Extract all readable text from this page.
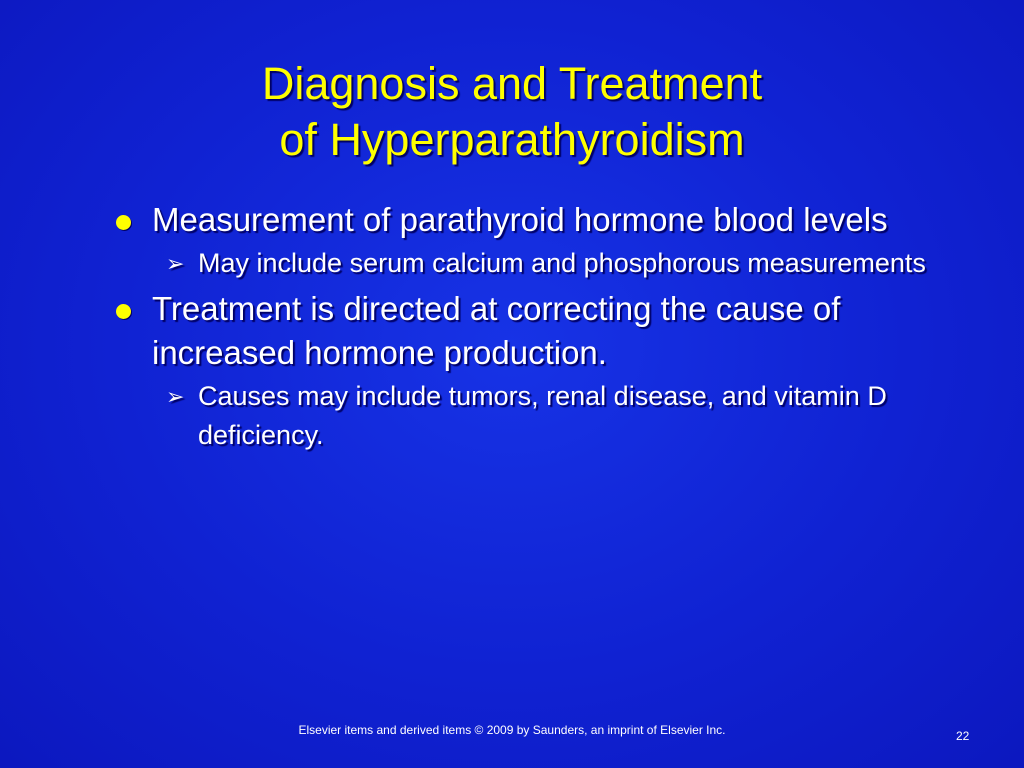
Diagnosis and Treatment
of Hyperparathyroidism
Measurement of parathyroid hormone blood levels
➢ May include serum calcium and phosphorous measurements
Treatment is directed at correcting the cause of increased hormone production.
➢ Causes may include tumors, renal disease, and vitamin D deficiency.
Elsevier items and derived items © 2009 by Saunders, an imprint of Elsevier Inc.	22
